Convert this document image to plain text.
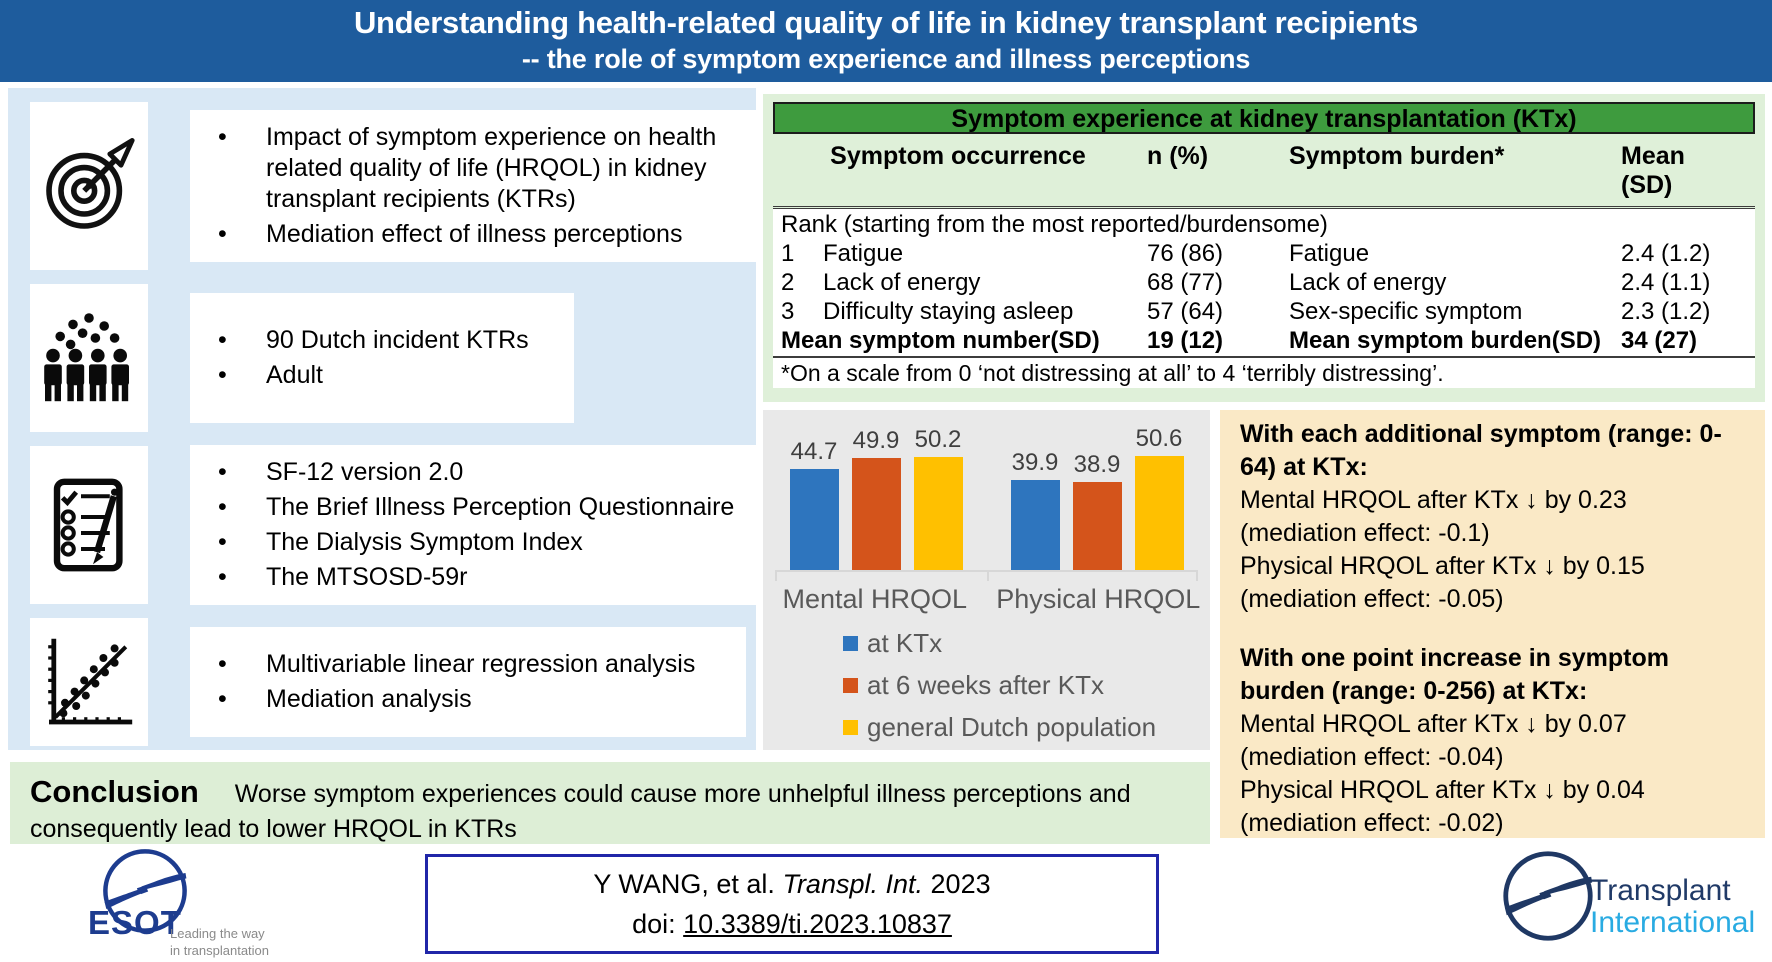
Understanding health-related quality of life in kidney transplant recipients
-- the role of symptom experience and illness perceptions
• Impact of symptom experience on health related quality of life (HRQOL) in kidney transplant recipients (KTRs)
• Mediation effect of illness perceptions
• 90 Dutch incident KTRs
• Adult
• SF-12 version 2.0
• The Brief Illness Perception Questionnaire
• The Dialysis Symptom Index
• The MTSOSD-59r
• Multivariable linear regression analysis
• Mediation analysis
Symptom experience at kidney transplantation (KTx)
Symptom occurrence	n (%)	Symptom burden*	Mean (SD)
Rank (starting from the most reported/burdensome)
1	Fatigue	76 (86)	Fatigue	2.4 (1.2)
2	Lack of energy	68 (77)	Lack of energy	2.4 (1.1)
3	Difficulty staying asleep	57 (64)	Sex-specific symptom	2.3 (1.2)
Mean symptom number(SD)	19 (12)	Mean symptom burden(SD) 34 (27)
*On a scale from 0 ‘not distressing at all’ to 4 ‘terribly distressing’.
44.7 49.9 50.2
39.9 38.9
50.6
Mental HRQOL	Physical HRQOL
at KTx
at 6 weeks after KTx
general Dutch population
With each additional symptom (range: 0-64) at KTx:
Mental HRQOL after KTx ↓ by 0.23
(mediation effect: -0.1)
Physical HRQOL after KTx ↓ by 0.15
(mediation effect: -0.05)
With one point increase in symptom burden (range: 0-256) at KTx:
Mental HRQOL after KTx ↓ by 0.07
(mediation effect: -0.04)
Physical HRQOL after KTx ↓ by 0.04
(mediation effect: -0.02)
Conclusion Worse symptom experiences could cause more unhelpful illness perceptions and consequently lead to lower HRQOL in KTRs
ESOT
Leading the way
in transplantation
Y WANG, et al. Transpl. Int. 2023
doi: 10.3389/ti.2023.10837
Transplant
International
